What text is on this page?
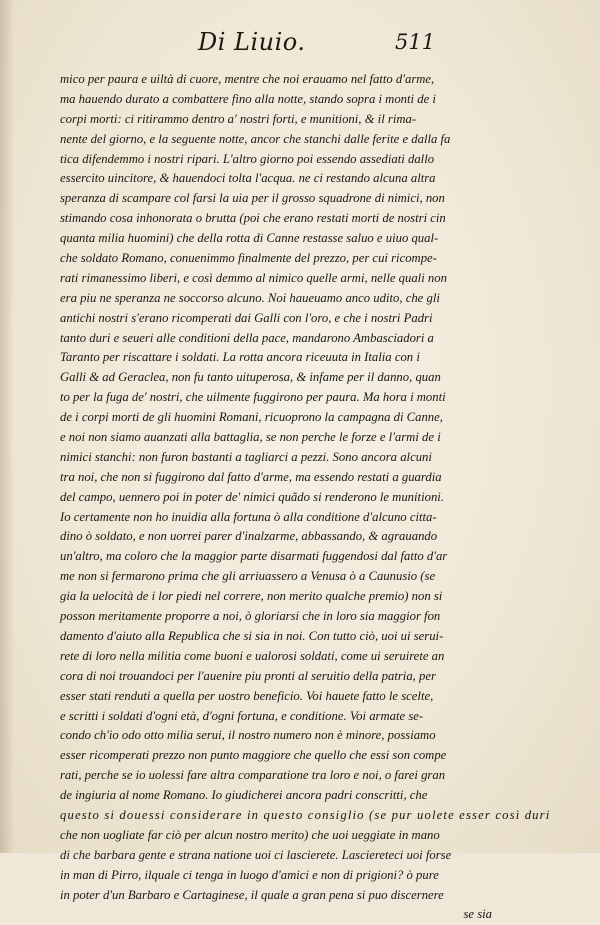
Di Liuio.	511
mico per paura e uiltà di cuore, mentre che noi erauamo nel fatto d'arme,
ma hauendo durato a combattere fino alla notte, stando sopra i monti de i
corpi morti: ci ritirammo dentro a' nostri forti, e munitioni, & il rima-
nente del giorno, e la seguente notte, ancor che stanchi dalle ferite e dalla fa
tica difendemmo i nostri ripari. L'altro giorno poi essendo assediati dallo
essercito uincitore, & hauendoci tolta l'acqua. ne ci restando alcuna altra
speranza di scampare col farsi la uia per il grosso squadrone di nimici, non
stimando cosa inhonorata o brutta (poi che erano restati morti de nostri cin
quanta milia huomini) che della rotta di Canne restasse saluo e uiuo qual-
che soldato Romano, conuenimmo finalmente del prezzo, per cui ricompe-
rati rimanessimo liberi, e così demmo al nimico quelle armi, nelle quali non
era piu ne speranza ne soccorso alcuno. Noi haueuamo anco udito, che gli
antichi nostri s'erano ricomperati dai Galli con l'oro, e che i nostri Padri
tanto duri e seueri alle conditioni della pace, mandarono Ambasciadori a
Taranto per riscattare i soldati. La rotta ancora riceuuta in Italia con i
Galli & ad Geraclea, non fu tanto uituperosa, & infame per il danno, quan
to per la fuga de' nostri, che uilmente fuggirono per paura. Ma hora i monti
de i corpi morti de gli huomini Romani, ricuoprono la campagna di Canne,
e noi non siamo auanzati alla battaglia, se non perche le forze e l'armi de i
nimici stanchi: non furon bastanti a tagliarci a pezzi. Sono ancora alcuni
tra noi, che non si fuggirono dal fatto d'arme, ma essendo restati a guardia
del campo, uennero poi in poter de' nimici quãdo si renderono le munitioni.
Io certamente non ho inuidia alla fortuna ò alla conditione d'alcuno citta-
dino ò soldato, e non uorrei parer d'inalzarme, abbassando, & agrauando
un'altro, ma coloro che la maggior parte disarmati fuggendosi dal fatto d'ar
me non si fermarono prima che gli arriuassero a Venusa ò a Caunusio (se
gia la uelocità de i lor piedi nel correre, non merito qualche premio) non si
posson meritamente proporre a noi, ò gloriarsi che in loro sia maggior fon
damento d'aiuto alla Republica che si sia in noi. Con tutto ciò, uoi ui serui-
rete di loro nella militia come buoni e ualorosi soldati, come ui seruirete an
cora di noi trouandoci per l'auenire piu pronti al seruitio della patria, per
esser stati renduti a quella per uostro beneficio. Voi hauete fatto le scelte,
e scritti i soldati d'ogni età, d'ogni fortuna, e conditione. Voi armate se-
condo ch'io odo otto milia serui, il nostro numero non è minore, possiamo
esser ricomperati prezzo non punto maggiore che quello che essi son compe
rati, perche se io uolessi fare altra comparatione tra loro e noi, o farei gran
de ingiuria al nome Romano. Io giudicherei ancora padri conscritti, che
questo si douessi considerare in questo consiglio (se pur uolete esser così duri
che non uogliate far ciò per alcun nostro merito) che uoi ueggiate in mano
di che barbara gente e strana natione uoi ci lascierete. Lasciereteci uoi forse
in man di Pirro, ilquale ci tenga in luogo d'amici e non di prigioni? ò pure
in poter d'un Barbaro e Cartaginese, il quale a gran pena si puo discernere
se sia
